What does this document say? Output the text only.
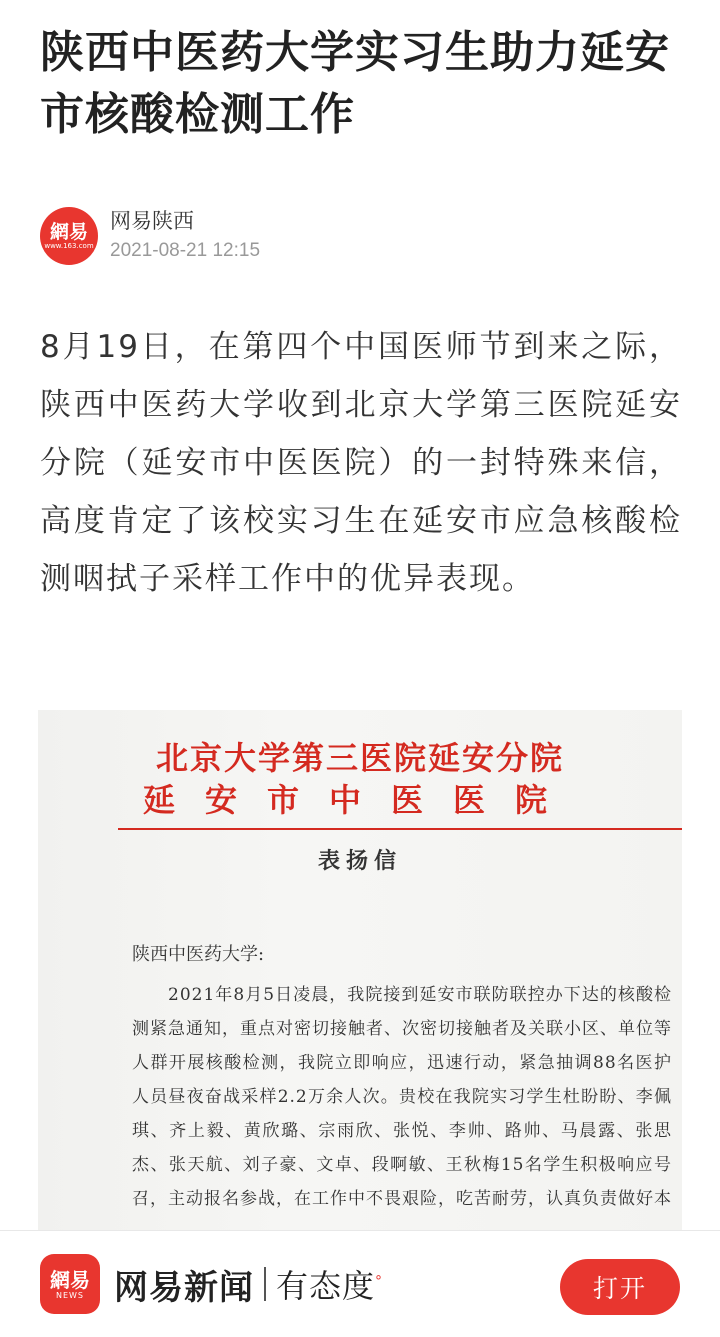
陕西中医药大学实习生助力延安市核酸检测工作
網易
www.163.com
网易陕西
2021-08-21 12:15
8月19日，在第四个中国医师节到来之际，陕西中医药大学收到北京大学第三医院延安分院（延安市中医医院）的一封特殊来信，高度肯定了该校实习生在延安市应急核酸检测咽拭子采样工作中的优异表现。
北京大学第三医院延安分院
延安市中医医院
表扬信
陕西中医药大学:
2021年8月5日凌晨，我院接到延安市联防联控办下达的核酸检测紧急通知，重点对密切接触者、次密切接触者及关联小区、单位等人群开展核酸检测，我院立即响应，迅速行动，紧急抽调88名医护人员昼夜奋战采样2.2万余人次。贵校在我院实习学生杜盼盼、李佩琪、齐上毅、黄欣璐、宗雨欣、张悦、李帅、路帅、马晨露、张思杰、张天航、刘子豪、文卓、段啊敏、王秋梅15名学生积极响应号召，主动报名参战，在工作中不畏艰险，吃苦耐劳，认真负责做好本
網易
NEWS 网易新闻 有态度°	打开
